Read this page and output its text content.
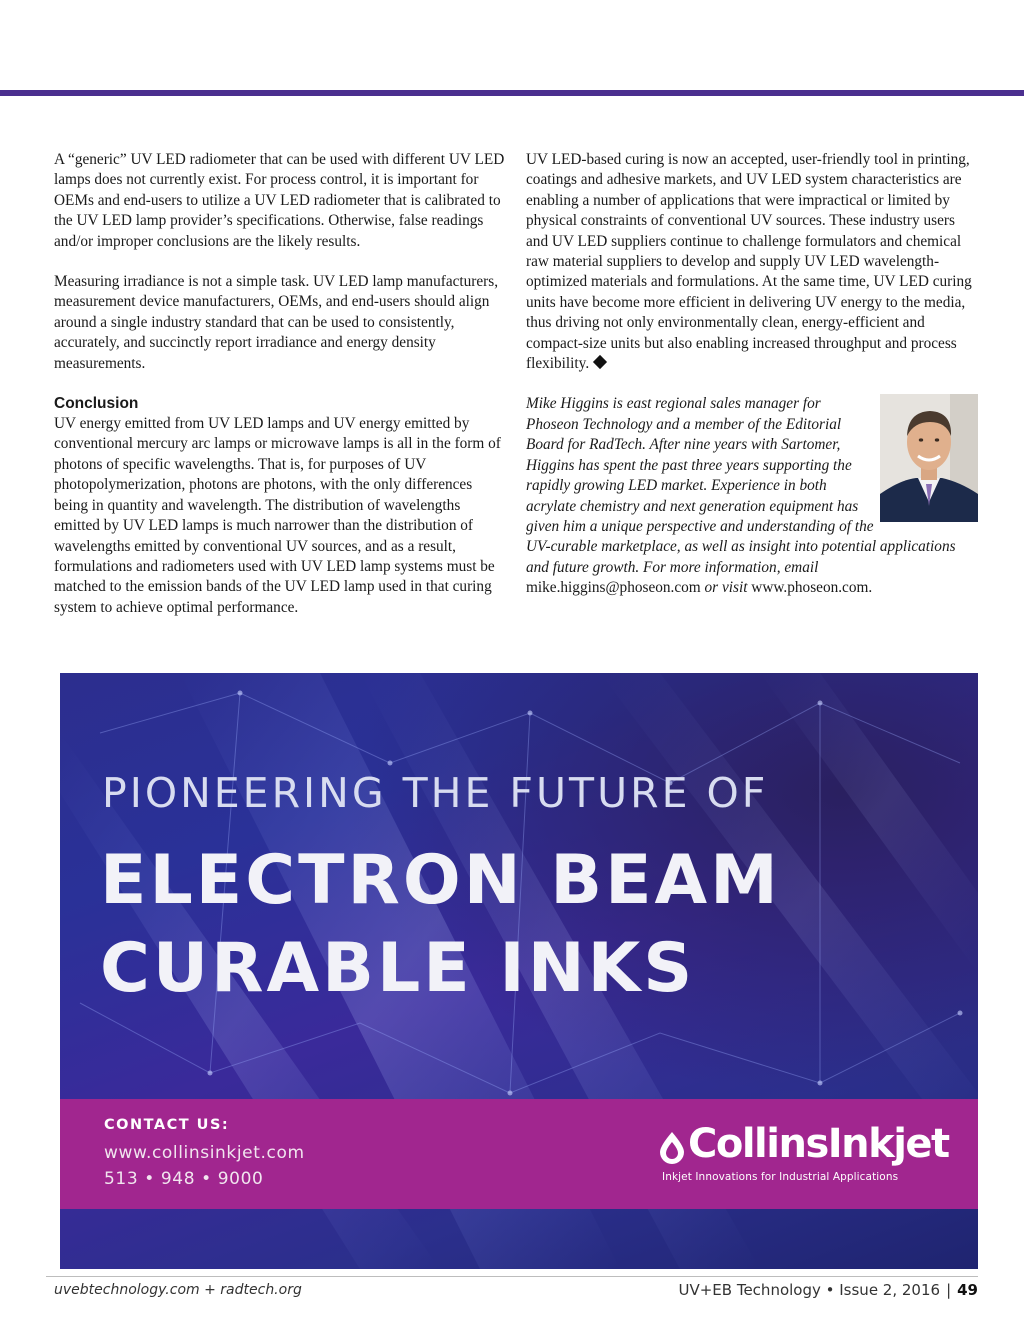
A “generic” UV LED radiometer that can be used with different UV LED lamps does not currently exist. For process control, it is important for OEMs and end-users to utilize a UV LED radiometer that is calibrated to the UV LED lamp provider’s specifications. Otherwise, false readings and/or improper conclusions are the likely results.

Measuring irradiance is not a simple task. UV LED lamp manufacturers, measurement device manufacturers, OEMs, and end-users should align around a single industry standard that can be used to consistently, accurately, and succinctly report irradiance and energy density measurements.

Conclusion

UV energy emitted from UV LED lamps and UV energy emitted by conventional mercury arc lamps or microwave lamps is all in the form of photons of specific wavelengths. That is, for purposes of UV photopolymerization, photons are photons, with the only differences being in quantity and wavelength. The distribution of wavelengths emitted by UV LED lamps is much narrower than the distribution of wavelengths emitted by conventional UV sources, and as a result, formulations and radiometers used with UV LED lamp systems must be matched to the emission bands of the UV LED lamp used in that curing system to achieve optimal performance.

UV LED-based curing is now an accepted, user-friendly tool in printing, coatings and adhesive markets, and UV LED system characteristics are enabling a number of applications that were impractical or limited by physical constraints of conventional UV sources. These industry users and UV LED suppliers continue to challenge formulators and chemical raw material suppliers to develop and supply UV LED wavelength-optimized materials and formulations. At the same time, UV LED curing units have become more efficient in delivering UV energy to the media, thus driving not only environmentally clean, energy-efficient and compact-size units but also enabling increased throughput and process flexibility.

Mike Higgins is east regional sales manager for Phoseon Technology and a member of the Editorial Board for RadTech. After nine years with Sartomer, Higgins has spent the past three years supporting the rapidly growing LED market. Experience in both acrylate chemistry and next generation equipment has given him a unique perspective and understanding of the UV-curable marketplace, as well as insight into potential applications and future growth. For more information, email mike.higgins@phoseon.com or visit www.phoseon.com.

PIONEERING THE FUTURE OF
ELECTRON BEAM
CURABLE INKS
CONTACT US:
www.collinsinkjet.com
513 • 948 • 9000
CollinsInkjet
Inkjet Innovations for Industrial Applications
uvebtechnology.com + radtech.org	UV+EB Technology • Issue 2, 2016 | 49
